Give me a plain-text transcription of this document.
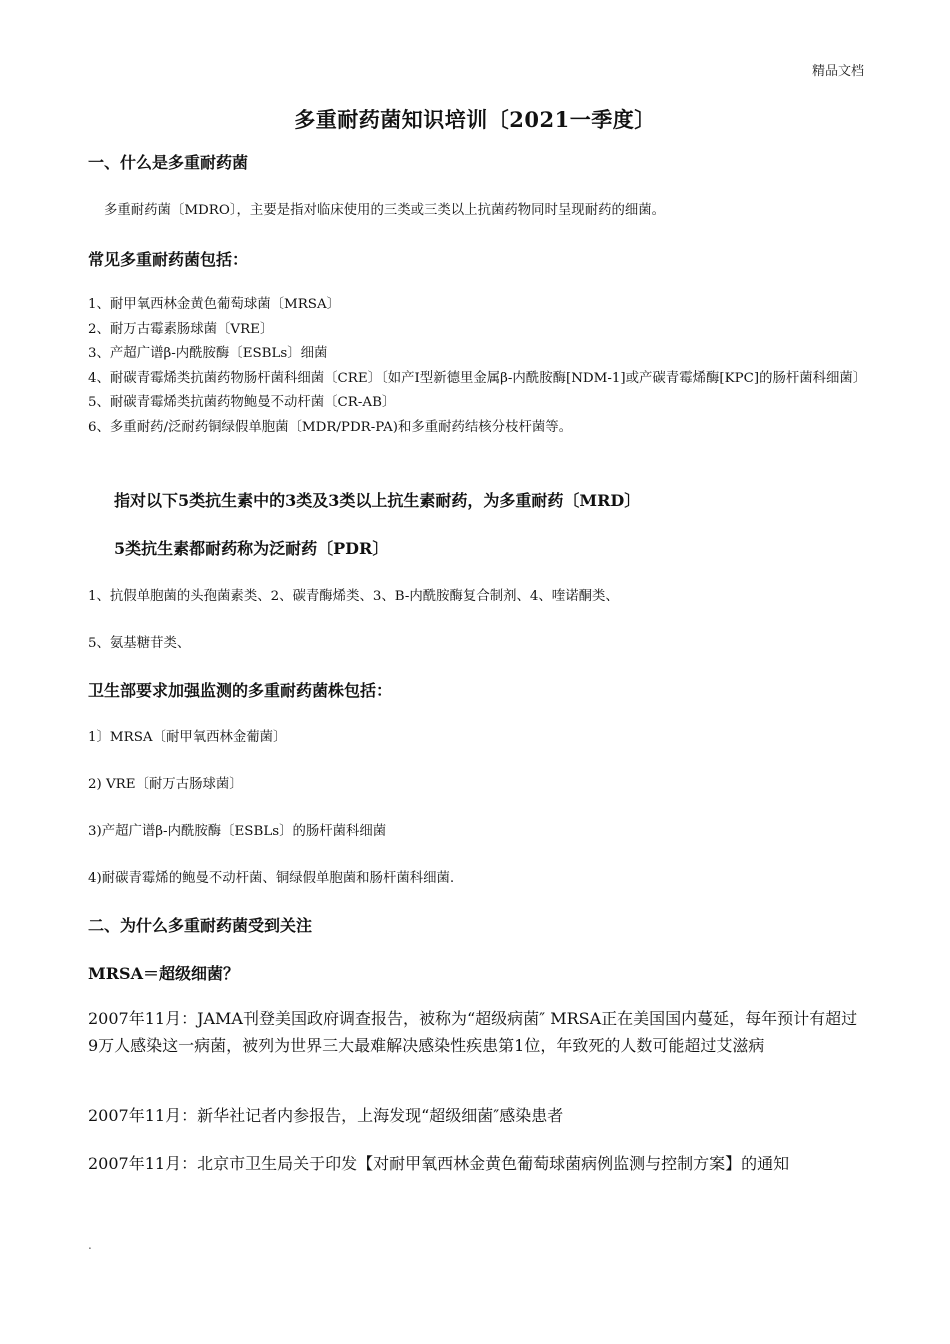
精品文档
多重耐药菌知识培训〔2021一季度〕
一、什么是多重耐药菌
多重耐药菌〔MDRO〕，主要是指对临床使用的三类或三类以上抗菌药物同时呈现耐药的细菌。
常见多重耐药菌包括：
1、耐甲氧西林金黄色葡萄球菌〔MRSA〕
2、耐万古霉素肠球菌〔VRE〕
3、产超广谱β-内酰胺酶〔ESBLs〕细菌
4、耐碳青霉烯类抗菌药物肠杆菌科细菌〔CRE〕〔如产Ⅰ型新德里金属β-内酰胺酶[NDM-1]或产碳青霉烯酶[KPC]的肠杆菌科细菌〕
5、耐碳青霉烯类抗菌药物鲍曼不动杆菌〔CR-AB〕
6、多重耐药/泛耐药铜绿假单胞菌〔MDR/PDR-PA)和多重耐药结核分枝杆菌等。
指对以下5类抗生素中的3类及3类以上抗生素耐药，为多重耐药〔MRD〕
5类抗生素都耐药称为泛耐药〔PDR〕
1、抗假单胞菌的头孢菌素类、2、碳青酶烯类、3、B-内酰胺酶复合制剂、4、喹诺酮类、
5、氨基糖苷类、
卫生部要求加强监测的多重耐药菌株包括：
1〕MRSA〔耐甲氧西林金葡菌〕
2) VRE〔耐万古肠球菌〕
3)产超广谱β-内酰胺酶〔ESBLs〕的肠杆菌科细菌
4)耐碳青霉烯的鲍曼不动杆菌、铜绿假单胞菌和肠杆菌科细菌.
二、为什么多重耐药菌受到关注
MRSA＝超级细菌？
2007年11月：JAMA刊登美国政府调查报告，被称为“超级病菌″ MRSA正在美国国内蔓延，每年预计有超过9万人感染这一病菌，被列为世界三大最难解决感染性疾患第1位，年致死的人数可能超过艾滋病
2007年11月：新华社记者内参报告，上海发现“超级细菌″感染患者
2007年11月：北京市卫生局关于印发【对耐甲氧西林金黄色葡萄球菌病例监测与控制方案】的通知
.
